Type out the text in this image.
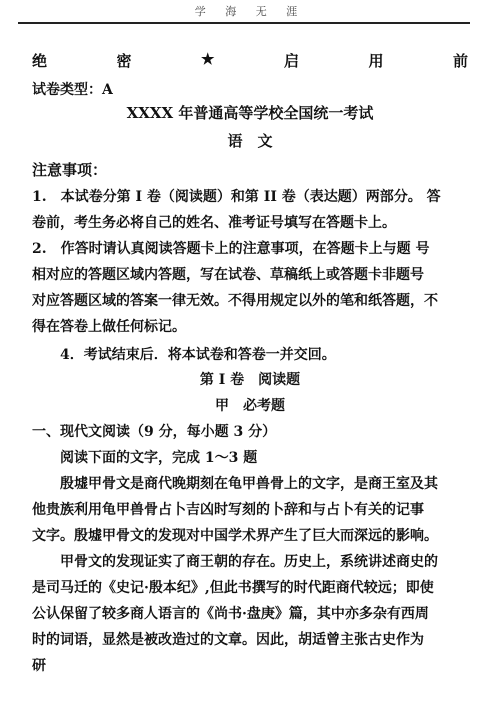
学 海 无 涯
绝	密	★	启	用	前
试卷类型：A
XXXX 年普通高等学校全国统一考试
语　文
注意事项：
1.　本试卷分第 I 卷（阅读题）和第 II 卷（表达题）两部分。 答
卷前，考生务必将自己的姓名、准考证号填写在答题卡上。
2.　作答时请认真阅读答题卡上的注意事项，在答题卡上与题 号
相对应的答题区域内答题，写在试卷、草稿纸上或答题卡非题号
对应答题区域的答案一律无效。不得用规定以外的笔和纸答题，不
得在答卷上做任何标记。
4．考试结束后．将本试卷和答卷一并交回。
第 I 卷　阅读题
甲　必考题
一、现代文阅读（9 分，每小题 3 分）
阅读下面的文字，完成 1～3 题
殷墟甲骨文是商代晚期刻在龟甲兽骨上的文字，是商王室及其
他贵族利用龟甲兽骨占卜吉凶时写刻的卜辞和与占卜有关的记事
文字。殷墟甲骨文的发现对中国学术界产生了巨大而深远的影响。
甲骨文的发现证实了商王朝的存在。历史上，系统讲述商史的
是司马迁的《史记·殷本纪》,但此书撰写的时代距商代较远；即使
公认保留了较多商人语言的《尚书·盘庚》篇，其中亦多杂有西周
时的词语，显然是被改造过的文章。因此，胡适曾主张古史作为
研
